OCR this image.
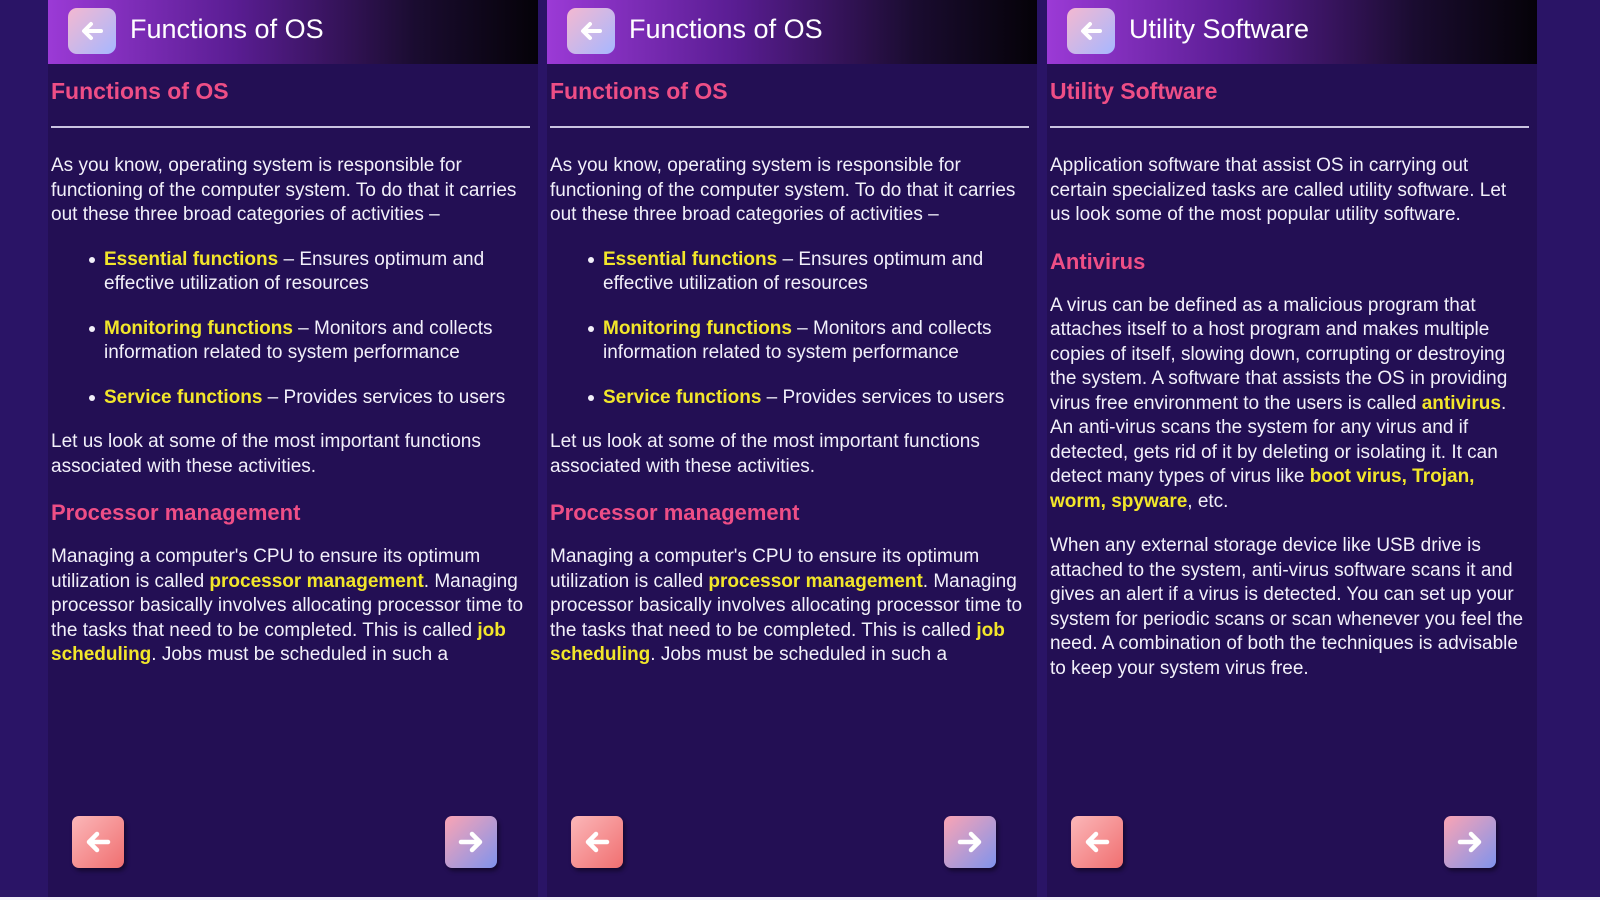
Functions of OS
Functions of OS

As you know, operating system is responsible for functioning of the computer system. To do that it carries out these three broad categories of activities –

Essential functions – Ensures optimum and effective utilization of resources
Monitoring functions – Monitors and collects information related to system performance
Service functions – Provides services to users

Let us look at some of the most important functions associated with these activities.

Processor management

Managing a computer's CPU to ensure its optimum utilization is called processor management. Managing processor basically involves allocating processor time to the tasks that need to be completed. This is called job scheduling. Jobs must be scheduled in such a

Functions of OS
Functions of OS

As you know, operating system is responsible for functioning of the computer system. To do that it carries out these three broad categories of activities –

Essential functions – Ensures optimum and effective utilization of resources
Monitoring functions – Monitors and collects information related to system performance
Service functions – Provides services to users

Let us look at some of the most important functions associated with these activities.

Processor management

Managing a computer's CPU to ensure its optimum utilization is called processor management. Managing processor basically involves allocating processor time to the tasks that need to be completed. This is called job scheduling. Jobs must be scheduled in such a

Utility Software
Utility Software

Application software that assist OS in carrying out certain specialized tasks are called utility software. Let us look some of the most popular utility software.

Antivirus

A virus can be defined as a malicious program that attaches itself to a host program and makes multiple copies of itself, slowing down, corrupting or destroying the system. A software that assists the OS in providing virus free environment to the users is called antivirus. An anti-virus scans the system for any virus and if detected, gets rid of it by deleting or isolating it. It can detect many types of virus like boot virus, Trojan, worm, spyware, etc.

When any external storage device like USB drive is attached to the system, anti-virus software scans it and gives an alert if a virus is detected. You can set up your system for periodic scans or scan whenever you feel the need. A combination of both the techniques is advisable to keep your system virus free.
